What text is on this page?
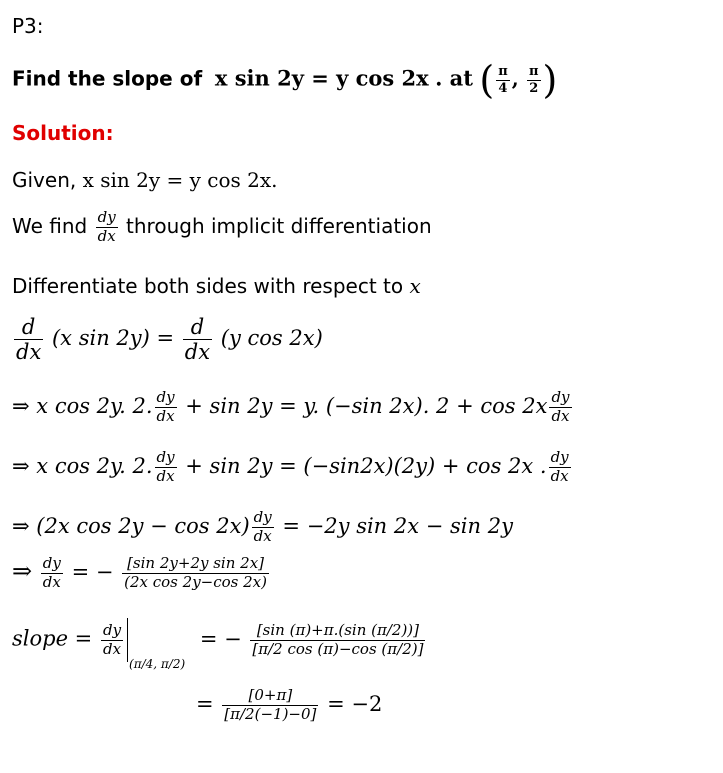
P3:
Find the slope of x sin 2y = y cos 2x . at ( $\frac{\pi}{4}$ , $\frac{\pi}{2}$ )
Solution:
Given, x sin 2y = y cos 2x.
We find $\frac{dy}{dx}$ through implicit differentiation
Differentiate both sides with respect to x
$\frac{d}{dx} (x$ $\sin 2y) = \frac{d}{dx} (y$ cos 2x)
⇒ x cos 2y. 2. $\frac{dy}{dx} + \sin 2y = y$. (−sin 2x). $2 + \cos 2x \frac{dy}{dx}$
⇒ x cos 2y. 2. $\frac{dy}{dx} + \sin 2y = (-\sin 2x)(2y) + \cos 2x$ . $\frac{dy}{dx}$
⇒ (2x $\cos 2y - \cos 2x) \frac{dy}{dx} = -2y$ sin 2x − sin 2y
⇒ $\frac{dy}{dx}$ = − $\frac{\text{[sin 2y+2y sin 2x]}}{\text{(2x cos 2y−cos 2x)}}$
slope = $\frac{dy}{dx}$
(π/4, π/2) = − $\frac{[\sin (\pi)+\pi.(\sin (\pi/2))]}{[\pi/2 \cos (\pi)-\cos (\pi/2)]}$
= $\frac{[0+\pi]}{[\pi/2(-1)-0]} = -2$
